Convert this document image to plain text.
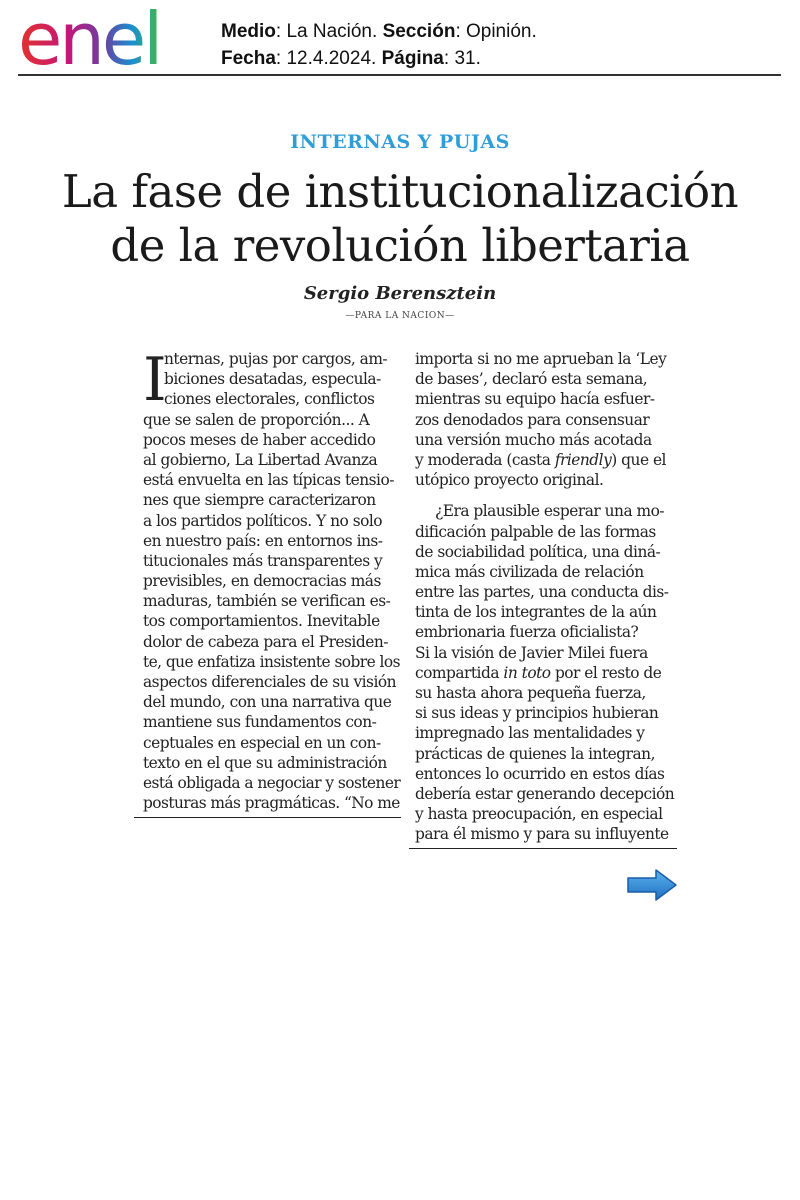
enel	Medio: La Nación. Sección: Opinión.
Fecha: 12.4.2024. Página: 31.
INTERNAS Y PUJAS
La fase de institucionalización
de la revolución libertaria
Sergio Berensztein
—PARA LA NACION—
I
nternas, pujas por cargos, am-
biciones desatadas, especula-
ciones electorales, conflictos
que se salen de proporción... A
pocos meses de haber accedido
al gobierno, La Libertad Avanza
está envuelta en las típicas tensio-
nes que siempre caracterizaron
a los partidos políticos. Y no solo
en nuestro país: en entornos ins-
titucionales más transparentes y
previsibles, en democracias más
maduras, también se verifican es-
tos comportamientos. Inevitable
dolor de cabeza para el Presiden-
te, que enfatiza insistente sobre los
aspectos diferenciales de su visión
del mundo, con una narrativa que
mantiene sus fundamentos con-
ceptuales en especial en un con-
texto en el que su administración
está obligada a negociar y sostener
posturas más pragmáticas. “No me
importa si no me aprueban la ‘Ley
de bases’, declaró esta semana,
mientras su equipo hacía esfuer-
zos denodados para consensuar
una versión mucho más acotada
y moderada (casta friendly) que el
utópico proyecto original.
¿Era plausible esperar una mo-
dificación palpable de las formas
de sociabilidad política, una diná-
mica más civilizada de relación
entre las partes, una conducta dis-
tinta de los integrantes de la aún
embrionaria fuerza oficialista?
Si la visión de Javier Milei fuera
compartida in toto por el resto de
su hasta ahora pequeña fuerza,
si sus ideas y principios hubieran
impregnado las mentalidades y
prácticas de quienes la integran,
entonces lo ocurrido en estos días
debería estar generando decepción
y hasta preocupación, en especial
para él mismo y para su influyente
